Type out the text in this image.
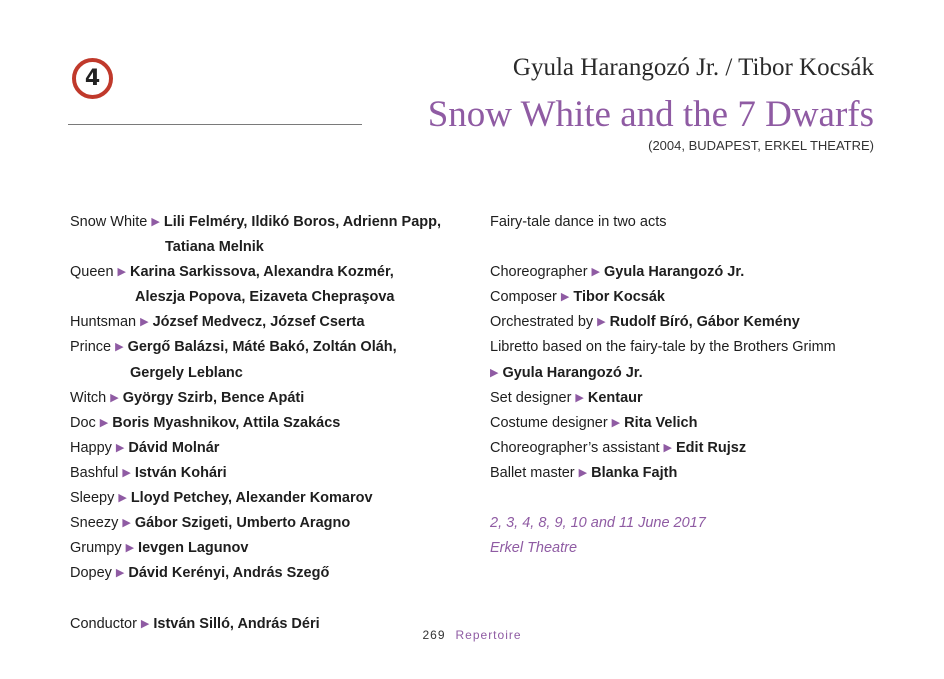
4	Gyula Harangozó Jr. / Tibor Kocsák
Snow White and the 7 Dwarfs
(2004, BUDAPEST, ERKEL THEATRE)
Snow White ▶ Lili Felméry, Ildikó Boros, Adrienn Papp,
Tatiana Melnik
Queen ▶ Karina Sarkissova, Alexandra Kozmér,
Aleszja Popova, Eizaveta Chepraşova
Huntsman ▶ József Medvecz, József Cserta
Prince ▶ Gergő Balázsi, Máté Bakó, Zoltán Oláh,
Gergely Leblanc
Witch ▶ György Szirb, Bence Apáti
Doc ▶ Boris Myashnikov, Attila Szakács
Happy ▶ Dávid Molnár
Bashful ▶ István Kohári
Sleepy ▶ Lloyd Petchey, Alexander Komarov
Sneezy ▶ Gábor Szigeti, Umberto Aragno
Grumpy ▶ Ievgen Lagunov
Dopey ▶ Dávid Kerényi, András Szegő
Conductor ▶ István Silló, András Déri
Fairy-tale dance in two acts
Choreographer ▶ Gyula Harangozó Jr.
Composer ▶ Tibor Kocsák
Orchestrated by ▶ Rudolf Bíró, Gábor Kemény
Libretto based on the fairy-tale by the Brothers Grimm
▶ Gyula Harangozó Jr.
Set designer ▶ Kentaur
Costume designer ▶ Rita Velich
Choreographer’s assistant ▶ Edit Rujsz
Ballet master ▶ Blanka Fajth
2, 3, 4, 8, 9, 10 and 11 June 2017
Erkel Theatre
269 Repertoire
